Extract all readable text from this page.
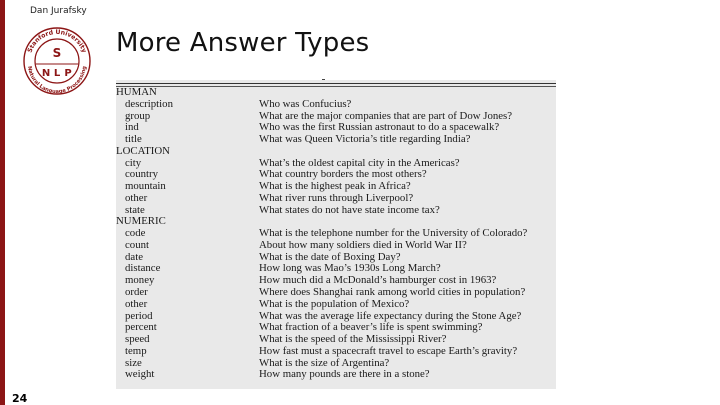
Dan Jurafsky
Stanford University
Natural Language Processing
S
N L P
More Answer Types
HUMAN
description	Who was Confucius?
group	What are the major companies that are part of Dow Jones?
ind	Who was the first Russian astronaut to do a spacewalk?
title	What was Queen Victoria’s title regarding India?
LOCATION
city	What’s the oldest capital city in the Americas?
country	What country borders the most others?
mountain	What is the highest peak in Africa?
other	What river runs through Liverpool?
state	What states do not have state income tax?
NUMERIC
code	What is the telephone number for the University of Colorado?
count	About how many soldiers died in World War II?
date	What is the date of Boxing Day?
distance	How long was Mao’s 1930s Long March?
money	How much did a McDonald’s hamburger cost in 1963?
order	Where does Shanghai rank among world cities in population?
other	What is the population of Mexico?
period	What was the average life expectancy during the Stone Age?
percent	What fraction of a beaver’s life is spent swimming?
speed	What is the speed of the Mississippi River?
temp	How fast must a spacecraft travel to escape Earth’s gravity?
size	What is the size of Argentina?
weight	How many pounds are there in a stone?
24
